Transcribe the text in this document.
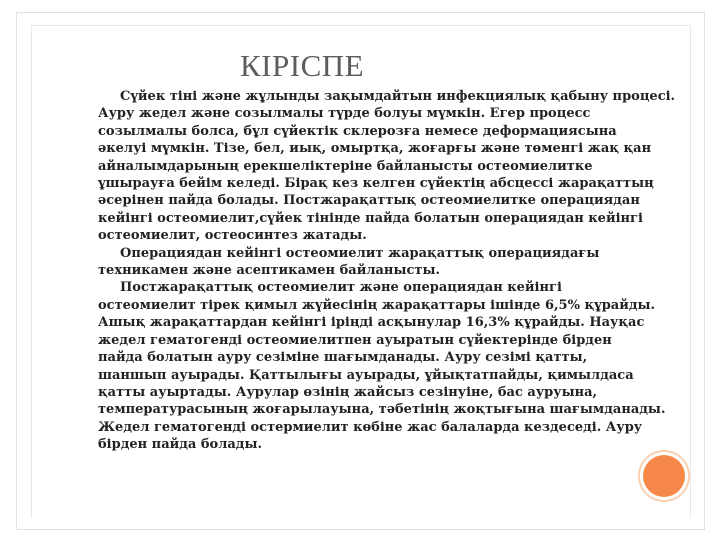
КІРІСПЕ

Сүйек тіні және жұлынды зақымдайтын инфекциялық қабыну процесі.

Ауру жедел және созылмалы түрде болуы мүмкін. Егер процесс

созылмалы болса, бұл сүйектік склерозға немесе деформациясына

әкелуі мүмкін. Тізе, бел, иық, омыртқа, жоғарғы және төменгі жақ қан

айналымдарының ерекшеліктеріне байланысты остеомиелитке

ұшырауға бейім келеді. Бірақ кез келген сүйектің абсцессі жарақаттың

әсерінен пайда болады. Постжарақаттық остеомиелитке операциядан

кейінгі остеомиелит,сүйек тінінде пайда болатын операциядан кейінгі

остеомиелит, остеосинтез жатады.

Операциядан кейінгі остеомиелит жарақаттық операциядағы

техникамен және асептикамен байланысты.

Постжарақаттық остеомиелит және операциядан кейінгі

остеомиелит тірек қимыл жүйесінің жарақаттары ішінде 6,5% құрайды.

Ашық жарақаттардан кейінгі іріңді асқынулар 16,3% құрайды. Науқас

жедел гематогенді остеомиелитпен ауыратын сүйектерінде бірден

пайда болатын ауру сезіміне шағымданады. Ауру сезімі қатты,

шаншып ауырады. Қаттылығы ауырады, ұйықтатпайды, қимылдаса

қатты ауыртады. Аурулар өзінің жайсыз сезінуіне, бас ауруына,

температурасының жоғарылауына, тәбетінің жоқтығына шағымданады.

Жедел гематогенді остермиелит көбіне жас балаларда кездеседі. Ауру

бірден пайда болады.
